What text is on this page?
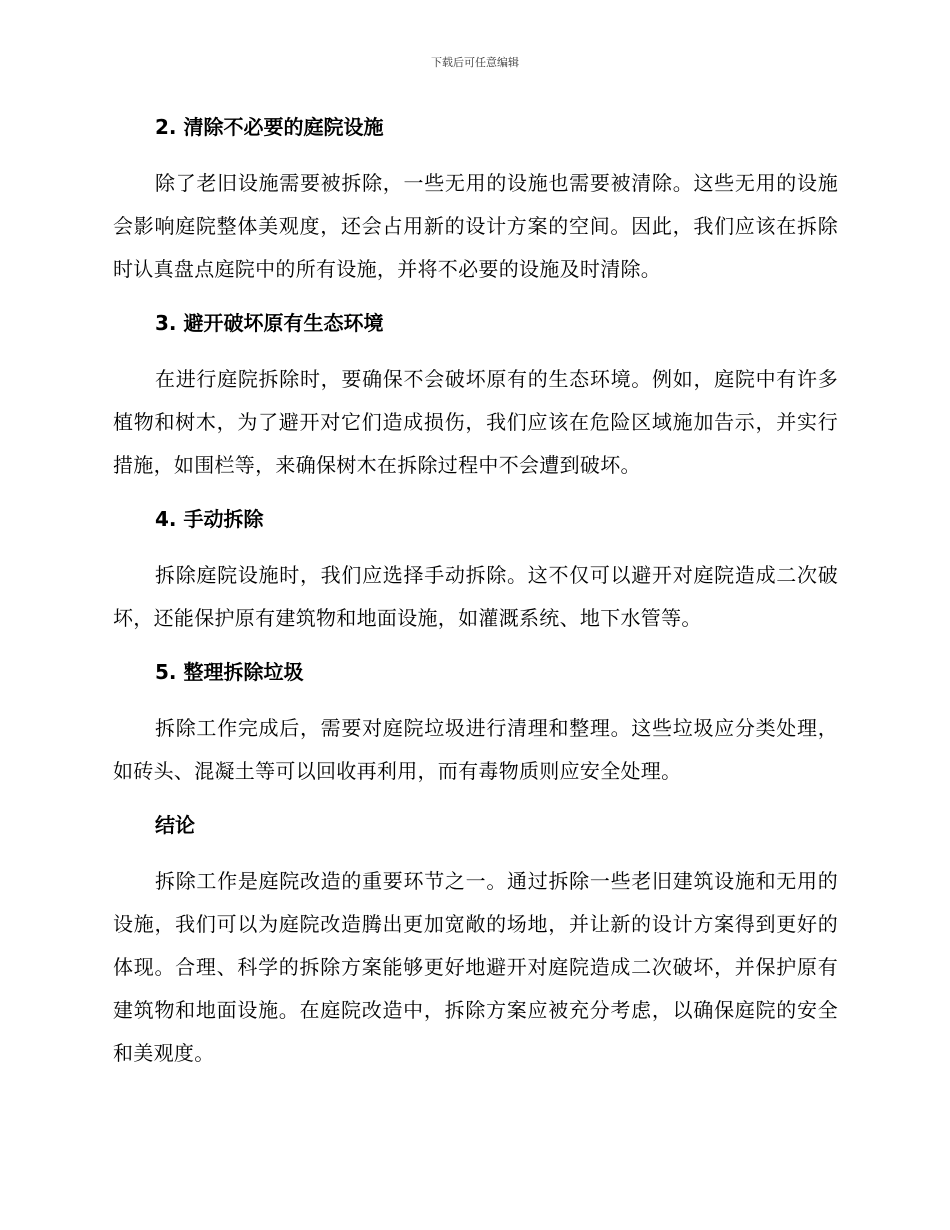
下载后可任意编辑
2. 清除不必要的庭院设施

除了老旧设施需要被拆除，一些无用的设施也需要被清除。这些无用的设施会影响庭院整体美观度，还会占用新的设计方案的空间。因此，我们应该在拆除时认真盘点庭院中的所有设施，并将不必要的设施及时清除。

3. 避开破坏原有生态环境

在进行庭院拆除时，要确保不会破坏原有的生态环境。例如，庭院中有许多植物和树木，为了避开对它们造成损伤，我们应该在危险区域施加告示，并实行措施，如围栏等，来确保树木在拆除过程中不会遭到破坏。

4. 手动拆除

拆除庭院设施时，我们应选择手动拆除。这不仅可以避开对庭院造成二次破坏，还能保护原有建筑物和地面设施，如灌溉系统、地下水管等。

5. 整理拆除垃圾

拆除工作完成后，需要对庭院垃圾进行清理和整理。这些垃圾应分类处理，如砖头、混凝土等可以回收再利用，而有毒物质则应安全处理。

结论

拆除工作是庭院改造的重要环节之一。通过拆除一些老旧建筑设施和无用的设施，我们可以为庭院改造腾出更加宽敞的场地，并让新的设计方案得到更好的体现。合理、科学的拆除方案能够更好地避开对庭院造成二次破坏，并保护原有建筑物和地面设施。在庭院改造中，拆除方案应被充分考虑，以确保庭院的安全和美观度。
